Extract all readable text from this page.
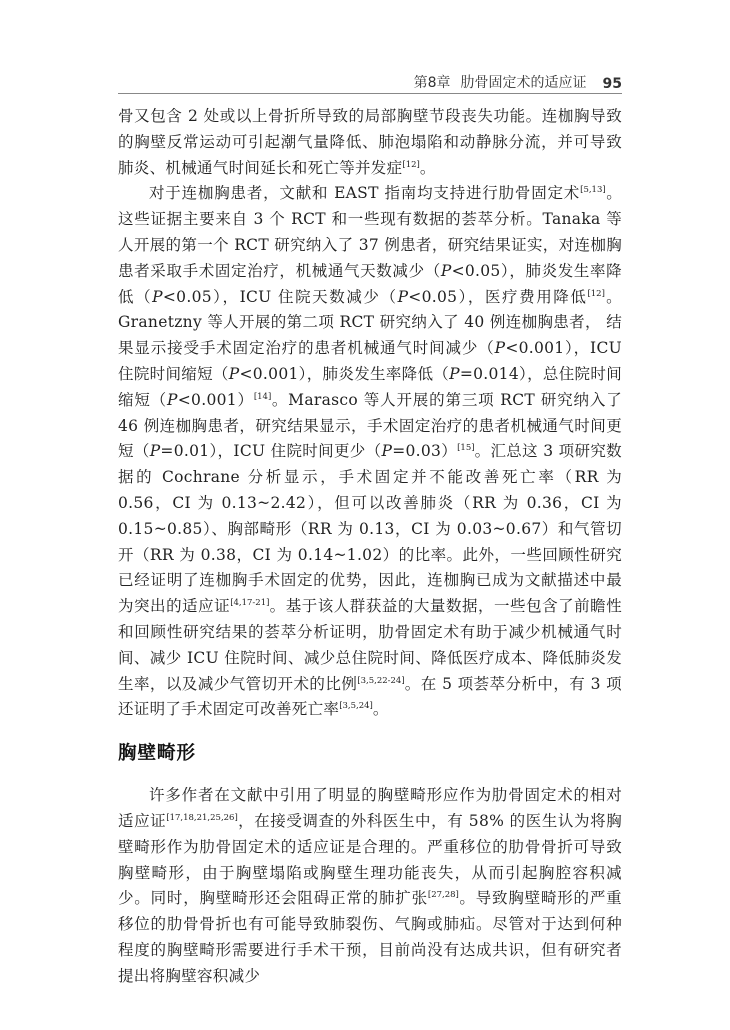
第8章 肋骨固定术的适应证 95

骨又包含 2 处或以上骨折所导致的局部胸壁节段丧失功能。连枷胸导致的胸壁反常运动可引起潮气量降低、肺泡塌陷和动静脉分流，并可导致肺炎、机械通气时间延长和死亡等并发症[12]。

对于连枷胸患者，文献和 EAST 指南均支持进行肋骨固定术[5,13]。这些证据主要来自 3 个 RCT 和一些现有数据的荟萃分析。Tanaka 等人开展的第一个 RCT 研究纳入了 37 例患者，研究结果证实，对连枷胸患者采取手术固定治疗，机械通气天数减少（P<0.05），肺炎发生率降低（P<0.05），ICU 住院天数减少（P<0.05），医疗费用降低[12]。Granetzny 等人开展的第二项 RCT 研究纳入了 40 例连枷胸患者， 结果显示接受手术固定治疗的患者机械通气时间减少（P<0.001），ICU 住院时间缩短（P<0.001），肺炎发生率降低（P=0.014），总住院时间缩短（P<0.001）[14]。Marasco 等人开展的第三项 RCT 研究纳入了 46 例连枷胸患者，研究结果显示，手术固定治疗的患者机械通气时间更短（P=0.01），ICU 住院时间更少（P=0.03）[15]。汇总这 3 项研究数据的 Cochrane 分析显示，手术固定并不能改善死亡率（RR 为 0.56，CI 为 0.13~2.42），但可以改善肺炎（RR 为 0.36，CI 为 0.15~0.85）、胸部畸形（RR 为 0.13，CI 为 0.03~0.67）和气管切开（RR 为 0.38，CI 为 0.14~1.02）的比率。此外，一些回顾性研究已经证明了连枷胸手术固定的优势，因此，连枷胸已成为文献描述中最为突出的适应证[4,17-21]。基于该人群获益的大量数据，一些包含了前瞻性和回顾性研究结果的荟萃分析证明，肋骨固定术有助于减少机械通气时间、减少 ICU 住院时间、减少总住院时间、降低医疗成本、降低肺炎发生率，以及减少气管切开术的比例[3,5,22-24]。在 5 项荟萃分析中，有 3 项还证明了手术固定可改善死亡率[3,5,24]。

胸壁畸形

许多作者在文献中引用了明显的胸壁畸形应作为肋骨固定术的相对适应证[17,18,21,25,26]，在接受调查的外科医生中，有 58% 的医生认为将胸壁畸形作为肋骨固定术的适应证是合理的。严重移位的肋骨骨折可导致胸壁畸形，由于胸壁塌陷或胸壁生理功能丧失，从而引起胸腔容积减少。同时，胸壁畸形还会阻碍正常的肺扩张[27,28]。导致胸壁畸形的严重移位的肋骨骨折也有可能导致肺裂伤、气胸或肺疝。尽管对于达到何种程度的胸壁畸形需要进行手术干预，目前尚没有达成共识，但有研究者提出将胸壁容积减少
